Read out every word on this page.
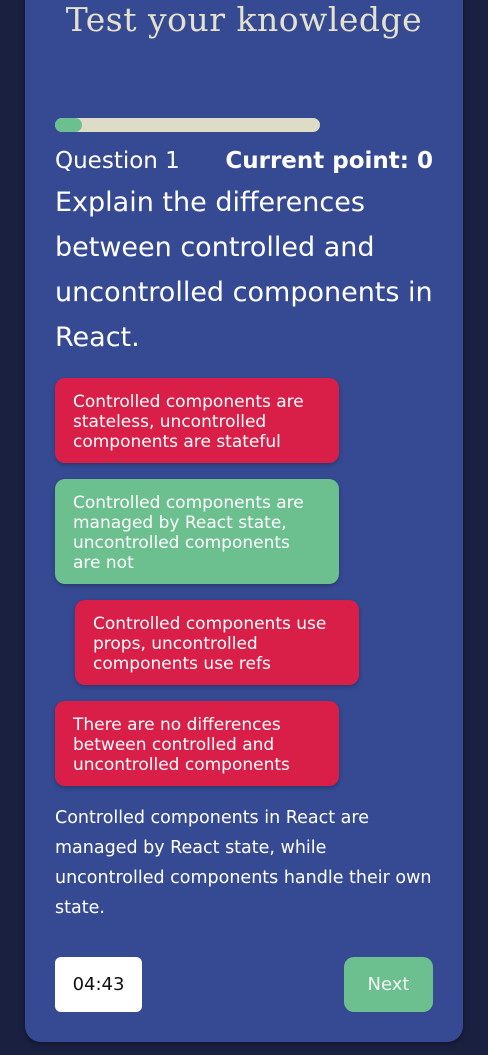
Test your knowledge
Question 1 Current point: 0
Explain the differences between controlled and uncontrolled components in React.
Controlled components are stateless, uncontrolled components are stateful
Controlled components are managed by React state, uncontrolled components are not
Controlled components use props, uncontrolled components use refs
There are no differences between controlled and uncontrolled components
Controlled components in React are managed by React state, while uncontrolled components handle their own state.
04:43	Next
